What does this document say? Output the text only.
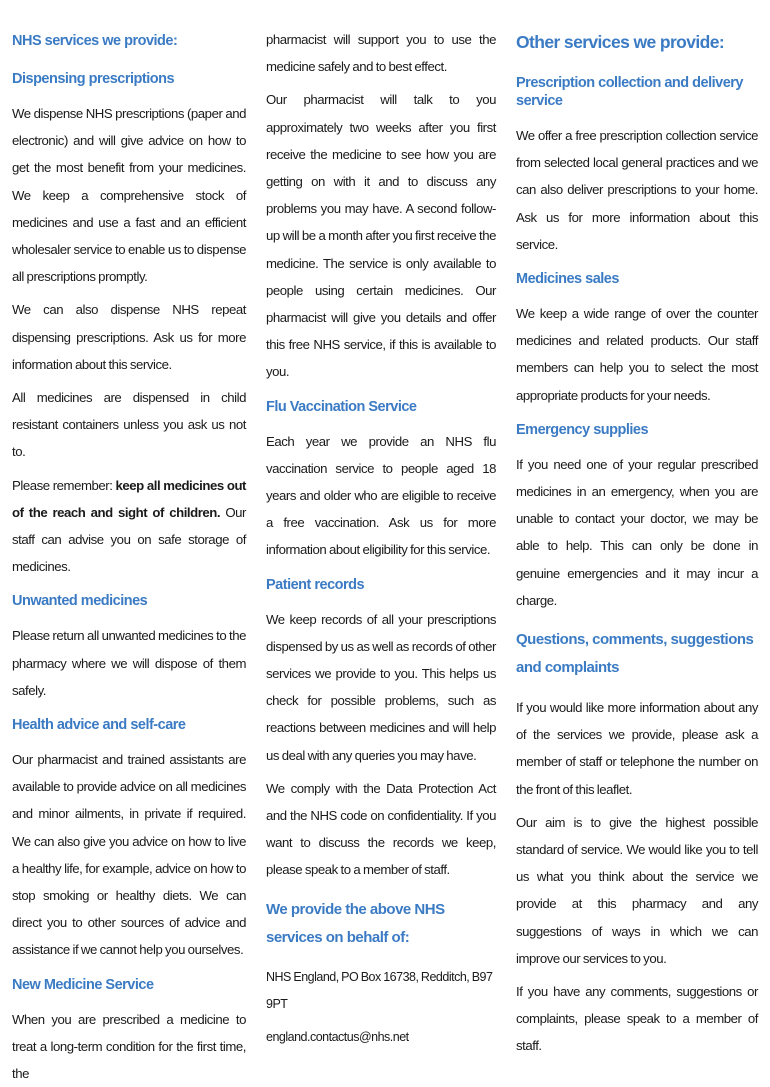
NHS services we provide:
Dispensing prescriptions

We dispense NHS prescriptions (paper and electronic) and will give advice on how to get the most benefit from your medicines. We keep a comprehensive stock of medicines and use a fast and an efficient wholesaler service to enable us to dispense all prescriptions promptly.

We can also dispense NHS repeat dispensing prescriptions. Ask us for more information about this service.

All medicines are dispensed in child resistant containers unless you ask us not to.

Please remember: keep all medicines out of the reach and sight of children. Our staff can advise you on safe storage of medicines.

Unwanted medicines

Please return all unwanted medicines to the pharmacy where we will dispose of them safely.

Health advice and self-care

Our pharmacist and trained assistants are available to provide advice on all medicines and minor ailments, in private if required. We can also give you advice on how to live a healthy life, for example, advice on how to stop smoking or healthy diets. We can direct you to other sources of advice and assistance if we cannot help you ourselves.

New Medicine Service

When you are prescribed a medicine to treat a long-term condition for the first time, the

pharmacist will support you to use the medicine safely and to best effect.

Our pharmacist will talk to you approximately two weeks after you first receive the medicine to see how you are getting on with it and to discuss any problems you may have. A second follow-up will be a month after you first receive the medicine. The service is only available to people using certain medicines. Our pharmacist will give you details and offer this free NHS service, if this is available to you.

Flu Vaccination Service

Each year we provide an NHS flu vaccination service to people aged 18 years and older who are eligible to receive a free vaccination. Ask us for more information about eligibility for this service.

Patient records

We keep records of all your prescriptions dispensed by us as well as records of other services we provide to you. This helps us check for possible problems, such as reactions between medicines and will help us deal with any queries you may have.

We comply with the Data Protection Act and the NHS code on confidentiality. If you want to discuss the records we keep, please speak to a member of staff.

We provide the above NHS services on behalf of:

NHS England, PO Box 16738, Redditch, B97 9PT

england.contactus@nhs.net

Other services we provide:
Prescription collection and delivery service

We offer a free prescription collection service from selected local general practices and we can also deliver prescriptions to your home. Ask us for more information about this service.

Medicines sales

We keep a wide range of over the counter medicines and related products. Our staff members can help you to select the most appropriate products for your needs.

Emergency supplies

If you need one of your regular prescribed medicines in an emergency, when you are unable to contact your doctor, we may be able to help. This can only be done in genuine emergencies and it may incur a charge.

Questions, comments, suggestions and complaints

If you would like more information about any of the services we provide, please ask a member of staff or telephone the number on the front of this leaflet.

Our aim is to give the highest possible standard of service. We would like you to tell us what you think about the service we provide at this pharmacy and any suggestions of ways in which we can improve our services to you.

If you have any comments, suggestions or complaints, please speak to a member of staff.
